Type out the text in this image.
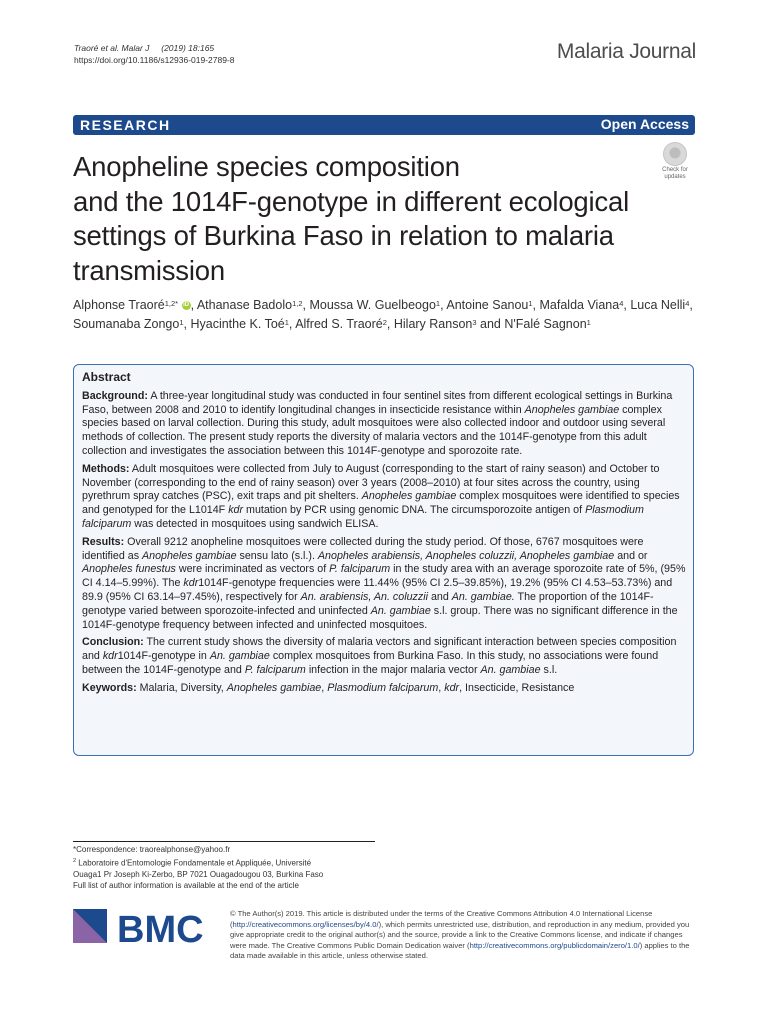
Traoré et al. Malar J (2019) 18:165
https://doi.org/10.1186/s12936-019-2789-8	Malaria Journal
RESEARCH	Open Access
Check for
updates
Anopheline species composition
and the 1014F-genotype in different ecological
settings of Burkina Faso in relation to malaria
transmission
Alphonse Traoré$^{1,2*}$ iD , Athanase Badolo$^{1,2}$, Moussa W. Guelbeogo$^1$, Antoine Sanou$^1$, Mafalda Viana$^4$, Luca Nelli$^4$,
Soumanaba Zongo$^1$, Hyacinthe K. Toé$^1$, Alfred S. Traoré$^2$, Hilary Ranson$^3$ and N'Falé Sagnon$^1$
Abstract

Background: A three-year longitudinal study was conducted in four sentinel sites from different ecological settings in Burkina Faso, between 2008 and 2010 to identify longitudinal changes in insecticide resistance within Anopheles gambiae complex species based on larval collection. During this study, adult mosquitoes were also collected indoor and outdoor using several methods of collection. The present study reports the diversity of malaria vectors and the 1014F-genotype from this adult collection and investigates the association between this 1014F-genotype and sporozoite rate.

Methods: Adult mosquitoes were collected from July to August (corresponding to the start of rainy season) and October to November (corresponding to the end of rainy season) over 3 years (2008–2010) at four sites across the country, using pyrethrum spray catches (PSC), exit traps and pit shelters. Anopheles gambiae complex mosquitoes were identified to species and genotyped for the L1014F kdr mutation by PCR using genomic DNA. The circumsporozoite antigen of Plasmodium falciparum was detected in mosquitoes using sandwich ELISA.

Results: Overall 9212 anopheline mosquitoes were collected during the study period. Of those, 6767 mosquitoes were identified as Anopheles gambiae sensu lato (s.l.). Anopheles arabiensis, Anopheles coluzzii, Anopheles gambiae and or Anopheles funestus were incriminated as vectors of P. falciparum in the study area with an average sporozoite rate of 5%, (95% CI 4.14–5.99%). The kdr1014F-genotype frequencies were 11.44% (95% CI 2.5–39.85%), 19.2% (95% CI 4.53–53.73%) and 89.9 (95% CI 63.14–97.45%), respectively for An. arabiensis, An. coluzzii and An. gambiae. The proportion of the 1014F-genotype varied between sporozoite-infected and uninfected An. gambiae s.l. group. There was no significant difference in the 1014F-genotype frequency between infected and uninfected mosquitoes.

Conclusion: The current study shows the diversity of malaria vectors and significant interaction between species composition and kdr1014F-genotype in An. gambiae complex mosquitoes from Burkina Faso. In this study, no associations were found between the 1014F-genotype and P. falciparum infection in the major malaria vector An. gambiae s.l.

Keywords: Malaria, Diversity, Anopheles gambiae, Plasmodium falciparum, kdr, Insecticide, Resistance

*Correspondence: traorealphonse@yahoo.fr
$^2$ Laboratoire d'Entomologie Fondamentale et Appliquée, Université
Ouaga1 Pr Joseph Ki-Zerbo, BP 7021 Ouagadougou 03, Burkina Faso
Full list of author information is available at the end of the article
BMC	© The Author(s) 2019. This article is distributed under the terms of the Creative Commons Attribution 4.0 International License (http://creativecommons.org/licenses/by/4.0/), which permits unrestricted use, distribution, and reproduction in any medium, provided you give appropriate credit to the original author(s) and the source, provide a link to the Creative Commons license, and indicate if changes were made. The Creative Commons Public Domain Dedication waiver (http://creativecommons.org/publicdomain/zero/1.0/) applies to the data made available in this article, unless otherwise stated.
